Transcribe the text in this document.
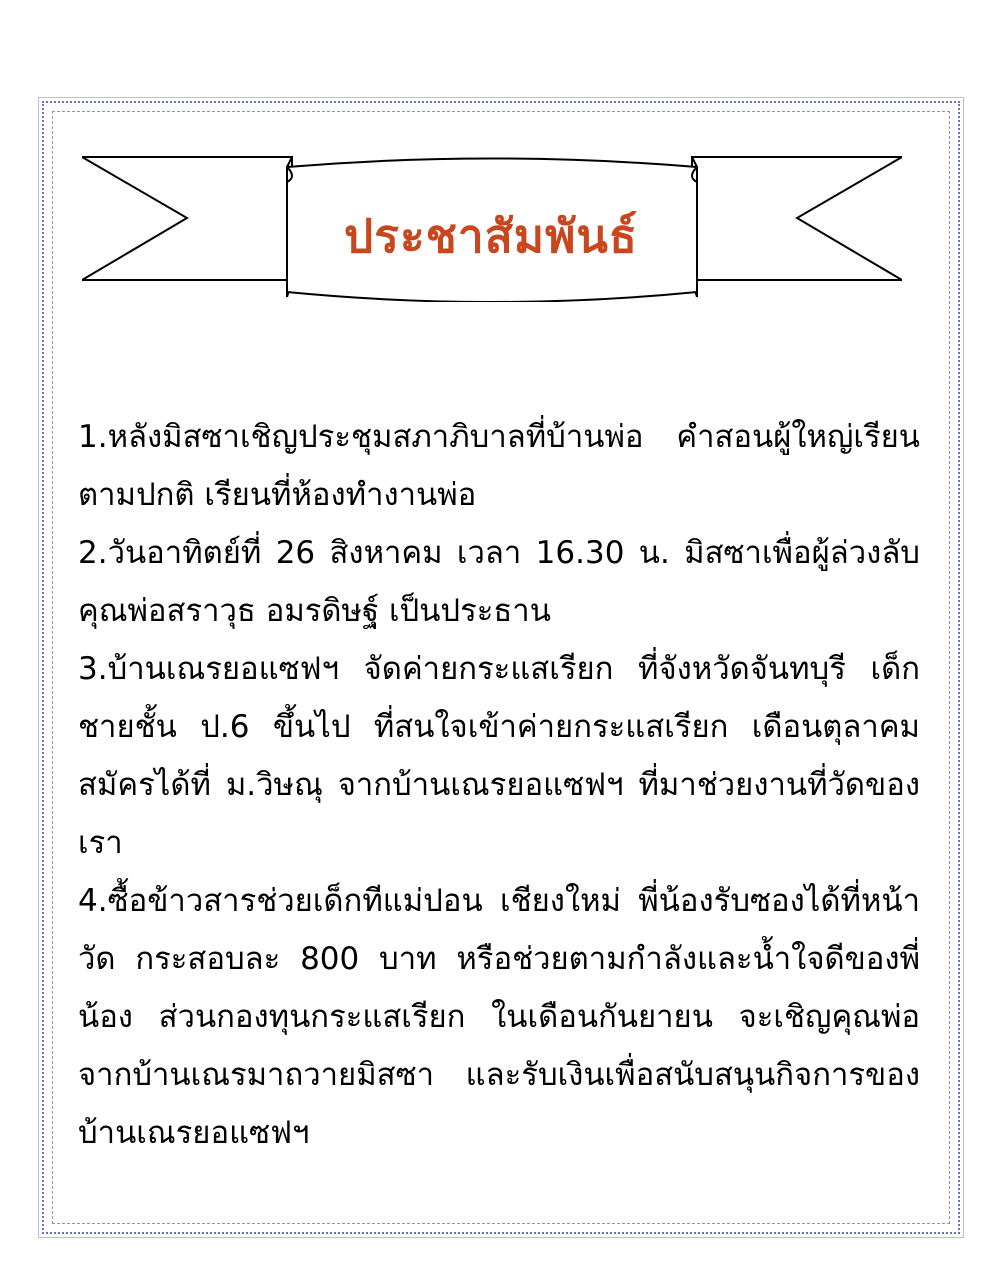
ประชาสัมพันธ์

1.หลังมิสซาเชิญประชุมสภาภิบาลที่บ้านพ่อ คำสอนผู้ใหญ่เรียนตามปกติ เรียนที่ห้องทำงานพ่อ

2.วันอาทิตย์ที่ 26 สิงหาคม เวลา 16.30 น. มิสซาเพื่อผู้ล่วงลับ คุณพ่อสราวุธ อมรดิษฐ์ เป็นประธาน

3.บ้านเณรยอแซฟฯ จัดค่ายกระแสเรียก ที่จังหวัดจันทบุรี เด็กชายชั้น ป.6 ขึ้นไป ที่สนใจเข้าค่ายกระแสเรียก เดือนตุลาคม สมัครได้ที่ ม.วิษณุ จากบ้านเณรยอแซฟฯ ที่มาช่วยงานที่วัดของเรา

4.ซื้อข้าวสารช่วยเด็กทีแม่ปอน เชียงใหม่ พี่น้องรับซองได้ที่หน้าวัด กระสอบละ 800 บาท หรือช่วยตามกำลังและน้ำใจดีของพี่น้อง ส่วนกองทุนกระแสเรียก ในเดือนกันยายน จะเชิญคุณพ่อจากบ้านเณรมาถวายมิสซา และรับเงินเพื่อสนับสนุนกิจการของบ้านเณรยอแซฟฯ
